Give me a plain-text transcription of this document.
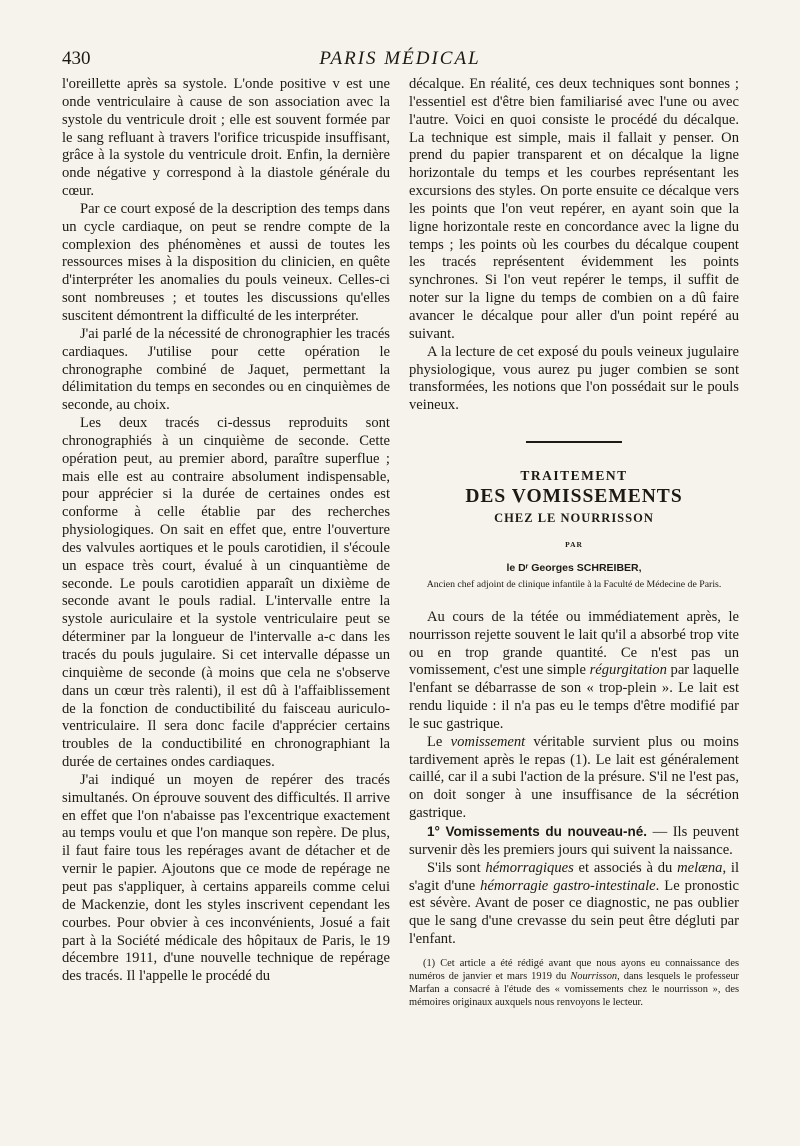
430	PARIS MÉDICAL

l'oreillette après sa systole. L'onde positive v est une onde ventriculaire à cause de son association avec la systole du ventricule droit ; elle est souvent formée par le sang refluant à travers l'orifice tricuspide insuffisant, grâce à la systole du ventricule droit. Enfin, la dernière onde négative y correspond à la diastole générale du cœur.

Par ce court exposé de la description des temps dans un cycle cardiaque, on peut se rendre compte de la complexion des phénomènes et aussi de toutes les ressources mises à la disposition du clinicien, en quête d'interpréter les anomalies du pouls veineux. Celles-ci sont nombreuses ; et toutes les discussions qu'elles suscitent démontrent la difficulté de les interpréter.

J'ai parlé de la nécessité de chronographier les tracés cardiaques. J'utilise pour cette opération le chronographe combiné de Jaquet, permettant la délimitation du temps en secondes ou en cinquièmes de seconde, au choix.

Les deux tracés ci-dessus reproduits sont chronographiés à un cinquième de seconde. Cette opération peut, au premier abord, paraître superflue ; mais elle est au contraire absolument indispensable, pour apprécier si la durée de certaines ondes est conforme à celle établie par des recherches physiologiques. On sait en effet que, entre l'ouverture des valvules aortiques et le pouls carotidien, il s'écoule un espace très court, évalué à un cinquantième de seconde. Le pouls carotidien apparaît un dixième de seconde avant le pouls radial. L'intervalle entre la systole auriculaire et la systole ventriculaire peut se déterminer par la longueur de l'intervalle a-c dans les tracés du pouls jugulaire. Si cet intervalle dépasse un cinquième de seconde (à moins que cela ne s'observe dans un cœur très ralenti), il est dû à l'affaiblissement de la fonction de conductibilité du faisceau auriculo-ventriculaire. Il sera donc facile d'apprécier certains troubles de la conductibilité en chronographiant la durée de certaines ondes cardiaques.

J'ai indiqué un moyen de repérer des tracés simultanés. On éprouve souvent des difficultés. Il arrive en effet que l'on n'abaisse pas l'excentrique exactement au temps voulu et que l'on manque son repère. De plus, il faut faire tous les repérages avant de détacher et de vernir le papier. Ajoutons que ce mode de repérage ne peut pas s'appliquer, à certains appareils comme celui de Mackenzie, dont les styles inscrivent cependant les courbes. Pour obvier à ces inconvénients, Josué a fait part à la Société médicale des hôpitaux de Paris, le 19 décembre 1911, d'une nouvelle technique de repérage des tracés. Il l'appelle le procédé du

décalque. En réalité, ces deux techniques sont bonnes ; l'essentiel est d'être bien familiarisé avec l'une ou avec l'autre. Voici en quoi consiste le procédé du décalque. La technique est simple, mais il fallait y penser. On prend du papier transparent et on décalque la ligne horizontale du temps et les courbes représentant les excursions des styles. On porte ensuite ce décalque vers les points que l'on veut repérer, en ayant soin que la ligne horizontale reste en concordance avec la ligne du temps ; les points où les courbes du décalque coupent les tracés représentent évidemment les points synchrones. Si l'on veut repérer le temps, il suffit de noter sur la ligne du temps de combien on a dû faire avancer le décalque pour aller d'un point repéré au suivant.

A la lecture de cet exposé du pouls veineux jugulaire physiologique, vous aurez pu juger combien se sont transformées, les notions que l'on possédait sur le pouls veineux.

TRAITEMENT
DES VOMISSEMENTS
CHEZ LE NOURRISSON
PAR
le Dʳ Georges SCHREIBER,
Ancien chef adjoint de clinique infantile à la Faculté de Médecine de Paris.

Au cours de la tétée ou immédiatement après, le nourrisson rejette souvent le lait qu'il a absorbé trop vite ou en trop grande quantité. Ce n'est pas un vomissement, c'est une simple régurgitation par laquelle l'enfant se débarrasse de son « trop-plein ». Le lait est rendu liquide : il n'a pas eu le temps d'être modifié par le suc gastrique.

Le vomissement véritable survient plus ou moins tardivement après le repas (1). Le lait est généralement caillé, car il a subi l'action de la présure. S'il ne l'est pas, on doit songer à une insuffisance de la sécrétion gastrique.

1° Vomissements du nouveau-né. — Ils peuvent survenir dès les premiers jours qui suivent la naissance.

S'ils sont hémorragiques et associés à du melæna, il s'agit d'une hémorragie gastro-intestinale. Le pronostic est sévère. Avant de poser ce diagnostic, ne pas oublier que le sang d'une crevasse du sein peut être dégluti par l'enfant.

(1) Cet article a été rédigé avant que nous ayons eu connaissance des numéros de janvier et mars 1919 du Nourrisson, dans lesquels le professeur Marfan a consacré à l'étude des « vomissements chez le nourrisson », des mémoires originaux auxquels nous renvoyons le lecteur.
